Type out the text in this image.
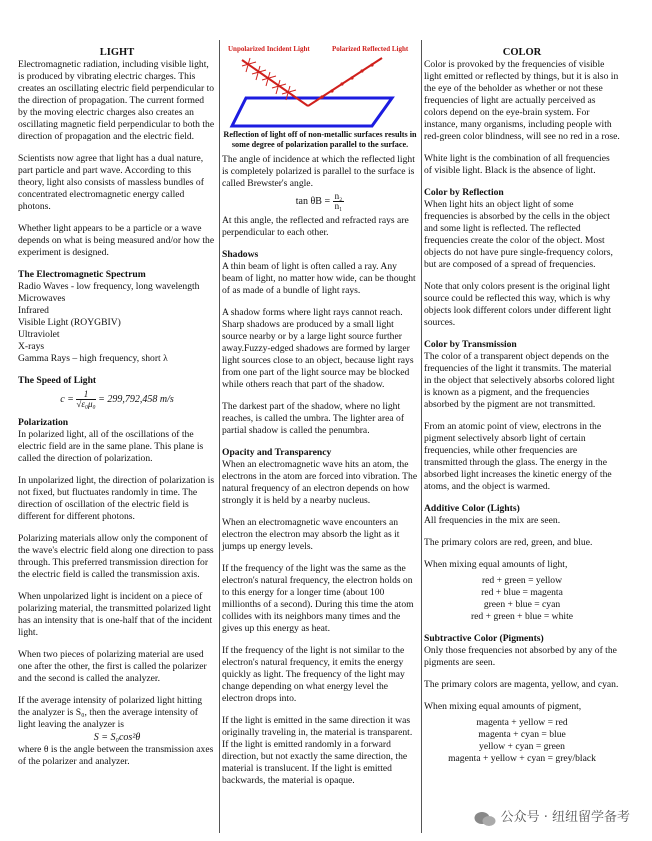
LIGHT

Electromagnetic radiation, including visible light, is produced by vibrating electric charges. This creates an oscillating electric field perpendicular to the direction of propagation. The current formed by the moving electric charges also creates an oscillating magnetic field perpendicular to both the direction of propagation and the electric field.

Scientists now agree that light has a dual nature, part particle and part wave. According to this theory, light also consists of massless bundles of concentrated electromagnetic energy called photons.

Whether light appears to be a particle or a wave depends on what is being measured and/or how the experiment is designed.

The Electromagnetic Spectrum
Radio Waves - low frequency, long wavelength
Microwaves
Infrared
Visible Light (ROYGBIV)
Ultraviolet
X-rays
Gamma Rays – high frequency, short λ
The Speed of Light
$c = \frac{1}{\text{√ε₀μ₀}} = 299,792,458$ m/s
Polarization

In polarized light, all of the oscillations of the electric field are in the same plane. This plane is called the direction of polarization.

In unpolarized light, the direction of polarization is not fixed, but fluctuates randomly in time. The direction of oscillation of the electric field is different for different photons.

Polarizing materials allow only the component of the wave's electric field along one direction to pass through. This preferred transmission direction for the electric field is called the transmission axis.

When unpolarized light is incident on a piece of polarizing material, the transmitted polarized light has an intensity that is one-half that of the incident light.

When two pieces of polarizing material are used one after the other, the first is called the polarizer and the second is called the analyzer.

If the average intensity of polarized light hitting the analyzer is S₀, then the average intensity of light leaving the analyzer is

S = S₀cos²θ

where θ is the angle between the transmission axes of the polarizer and analyzer.

Unpolarized Incident Light	Polarized Reflected Light
Reflection of light off of non-metallic surfaces results in some degree of polarization parallel to the surface.

The angle of incidence at which the reflected light is completely polarized is parallel to the surface is called Brewster's angle.

$\tan \theta B = \frac{\text{n₂}}{\text{n₁}}$

At this angle, the reflected and refracted rays are perpendicular to each other.

Shadows

A thin beam of light is often called a ray. Any beam of light, no matter how wide, can be thought of as made of a bundle of light rays.

A shadow forms where light rays cannot reach. Sharp shadows are produced by a small light source nearby or by a large light source further away.Fuzzy-edged shadows are formed by larger light sources close to an object, because light rays from one part of the light source may be blocked while others reach that part of the shadow.

The darkest part of the shadow, where no light reaches, is called the umbra. The lighter area of partial shadow is called the penumbra.

Opacity and Transparency

When an electromagnetic wave hits an atom, the electrons in the atom are forced into vibration. The natural frequency of an electron depends on how strongly it is held by a nearby nucleus.

When an electromagnetic wave encounters an electron the electron may absorb the light as it jumps up energy levels.

If the frequency of the light was the same as the electron's natural frequency, the electron holds on to this energy for a longer time (about 100 millionths of a second). During this time the atom collides with its neighbors many times and the gives up this energy as heat.

If the frequency of the light is not similar to the electron's natural frequency, it emits the energy quickly as light. The frequency of the light may change depending on what energy level the electron drops into.

If the light is emitted in the same direction it was originally traveling in, the material is transparent. If the light is emitted randomly in a forward direction, but not exactly the same direction, the material is translucent. If the light is emitted backwards, the material is opaque.

COLOR

Color is provoked by the frequencies of visible light emitted or reflected by things, but it is also in the eye of the beholder as whether or not these frequencies of light are actually perceived as colors depend on the eye-brain system. For instance, many organisms, including people with red-green color blindness, will see no red in a rose.

White light is the combination of all frequencies of visible light. Black is the absence of light.

Color by Reflection

When light hits an object light of some frequencies is absorbed by the cells in the object and some light is reflected. The reflected frequencies create the color of the object. Most objects do not have pure single-frequency colors, but are composed of a spread of frequencies.

Note that only colors present is the original light source could be reflected this way, which is why objects look different colors under different light sources.

Color by Transmission

The color of a transparent object depends on the frequencies of the light it transmits. The material in the object that selectively absorbs colored light is known as a pigment, and the frequencies absorbed by the pigment are not transmitted.

From an atomic point of view, electrons in the pigment selectively absorb light of certain frequencies, while other frequencies are transmitted through the glass. The energy in the absorbed light increases the kinetic energy of the atoms, and the object is warmed.

Additive Color (Lights)

All frequencies in the mix are seen.

The primary colors are red, green, and blue.

When mixing equal amounts of light,

red + green = yellow
red + blue = magenta
green + blue = cyan
red + green + blue = white
Subtractive Color (Pigments)

Only those frequencies not absorbed by any of the pigments are seen.

The primary colors are magenta, yellow, and cyan.

When mixing equal amounts of pigment,

magenta + yellow = red
magenta + cyan = blue
yellow + cyan = green
magenta + yellow + cyan = grey/black
公众号 · 纽纽留学备考
